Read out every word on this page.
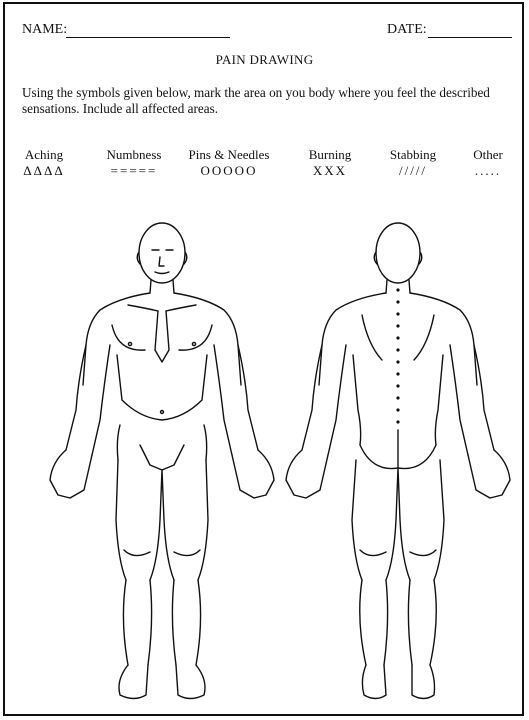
NAME:	DATE:
PAIN DRAWING
Using the symbols given below, mark the area on you body where you feel the described sensations. Include all affected areas.
Aching
ΔΔΔΔ
Numbness
=====
Pins & Needles
OOOOO
Burning
XXX
Stabbing
/////
Other
.....
